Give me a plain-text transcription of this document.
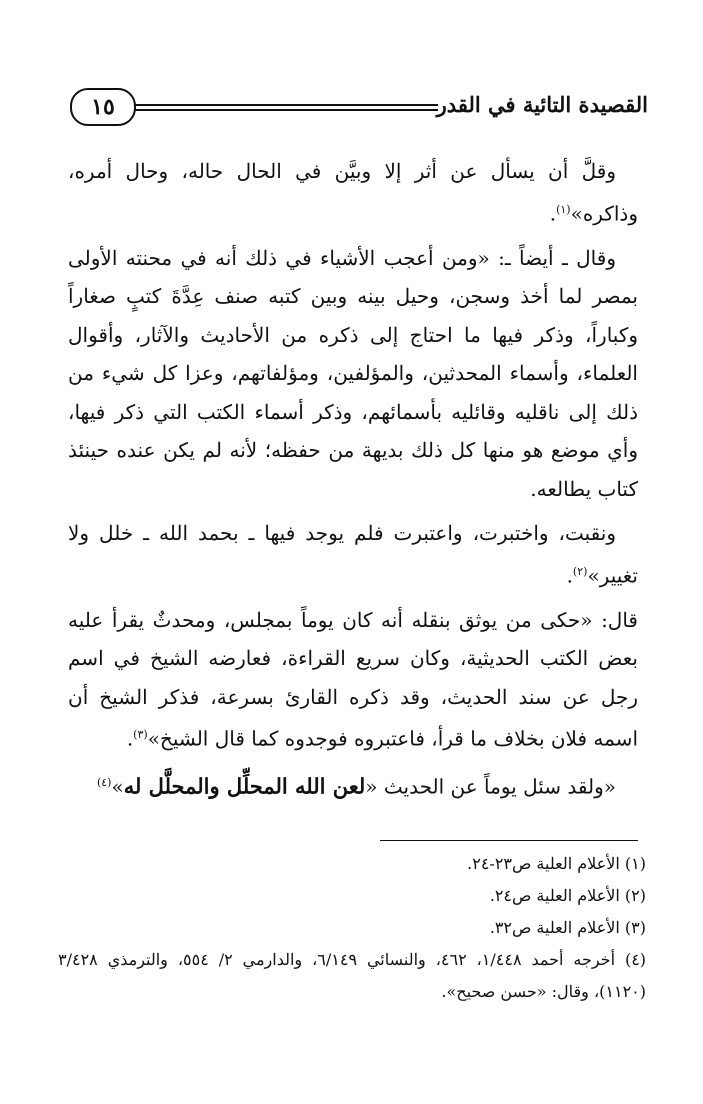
القصيدة التائية في القدر
١٥

وقلَّ أن يسأل عن أثر إلا وبيَّن في الحال حاله، وحال أمره، وذاكره»$^{(١)}$.

وقال ـ أيضاً ـ: «ومن أعجب الأشياء في ذلك أنه في محنته الأولى بمصر لما أخذ وسجن، وحيل بينه وبين كتبه صنف عِدَّةَ كتبٍ صغاراً وكباراً، وذكر فيها ما احتاج إلى ذكره من الأحاديث والآثار، وأقوال العلماء، وأسماء المحدثين، والمؤلفين، ومؤلفاتهم، وعزا كل شيء من ذلك إلى ناقليه وقائليه بأسمائهم، وذكر أسماء الكتب التي ذكر فيها، وأي موضع هو منها كل ذلك بديهة من حفظه؛ لأنه لم يكن عنده حينئذ كتاب يطالعه.

ونقبت، واختبرت، واعتبرت فلم يوجد فيها ـ بحمد الله ـ خلل ولا تغيير»$^{(٢)}$.

قال: «حكى من يوثق بنقله أنه كان يوماً بمجلس، ومحدثٌ يقرأ عليه بعض الكتب الحديثية، وكان سريع القراءة، فعارضه الشيخ في اسم رجل عن سند الحديث، وقد ذكره القارئ بسرعة، فذكر الشيخ أن اسمه فلان بخلاف ما قرأ، فاعتبروه فوجدوه كما قال الشيخ»$^{(٣)}$.

«ولقد سئل يوماً عن الحديث «لعن الله المحلِّل والمحلَّل له»$^{(٤)}$

(١) الأعلام العلية ص٢٣-٢٤.

(٢) الأعلام العلية ص٢٤.

(٣) الأعلام العلية ص٣٢.

(٤) أخرجه أحمد ١/٤٤٨، ٤٦٢، والنسائي ٦/١٤٩، والدارمي ٢/ ٥٥٤، والترمذي ٣/٤٢٨ (١١٢٠)، وقال: «حسن صحيح».
